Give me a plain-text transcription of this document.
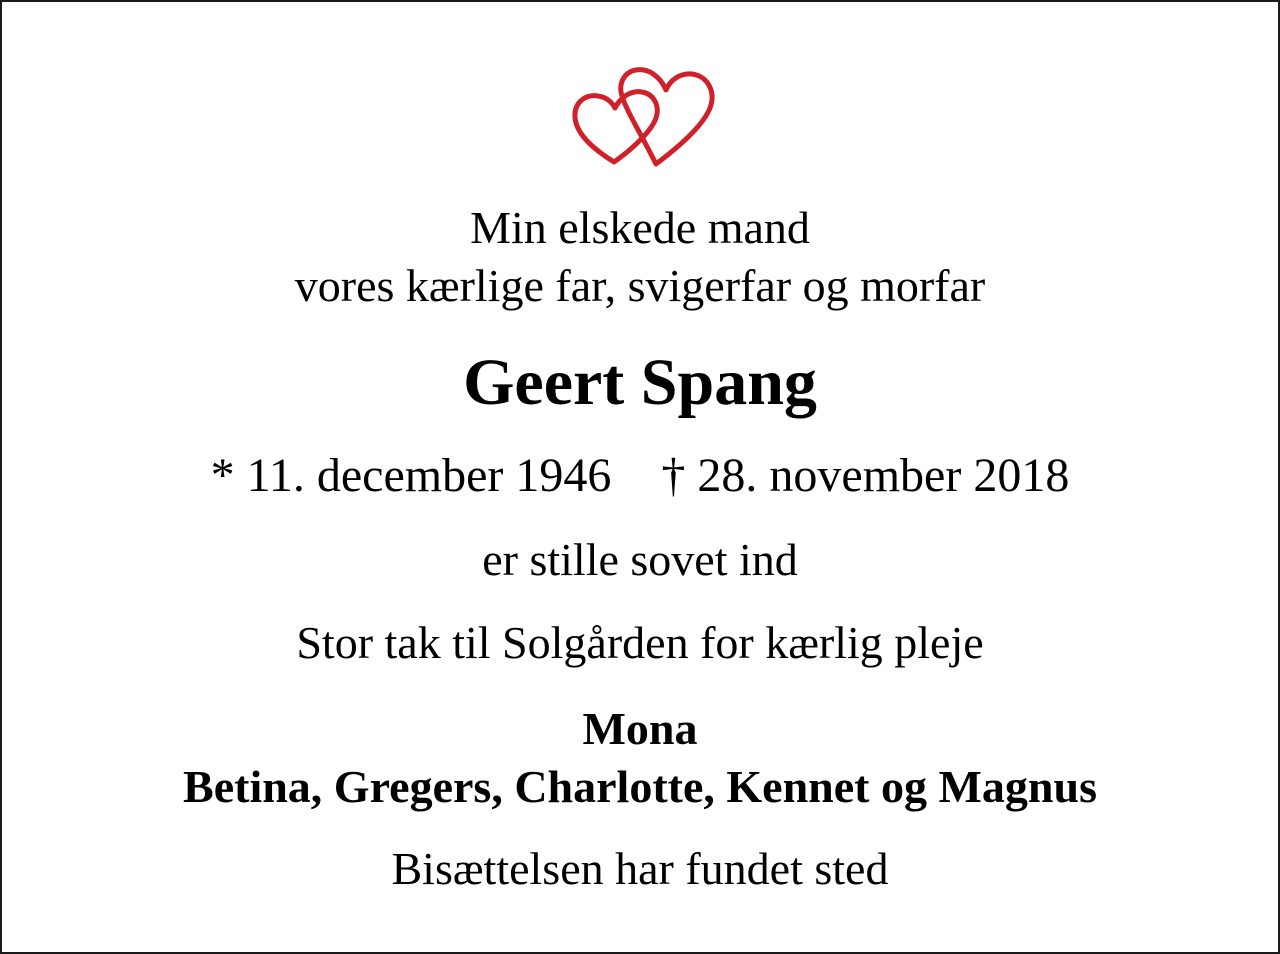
Min elskede mand
vores kærlige far, svigerfar og morfar
Geert Spang
* 11. december 1946 † 28. november 2018
er stille sovet ind
Stor tak til Solgården for kærlig pleje
Mona
Betina, Gregers, Charlotte, Kennet og Magnus
Bisættelsen har fundet sted
